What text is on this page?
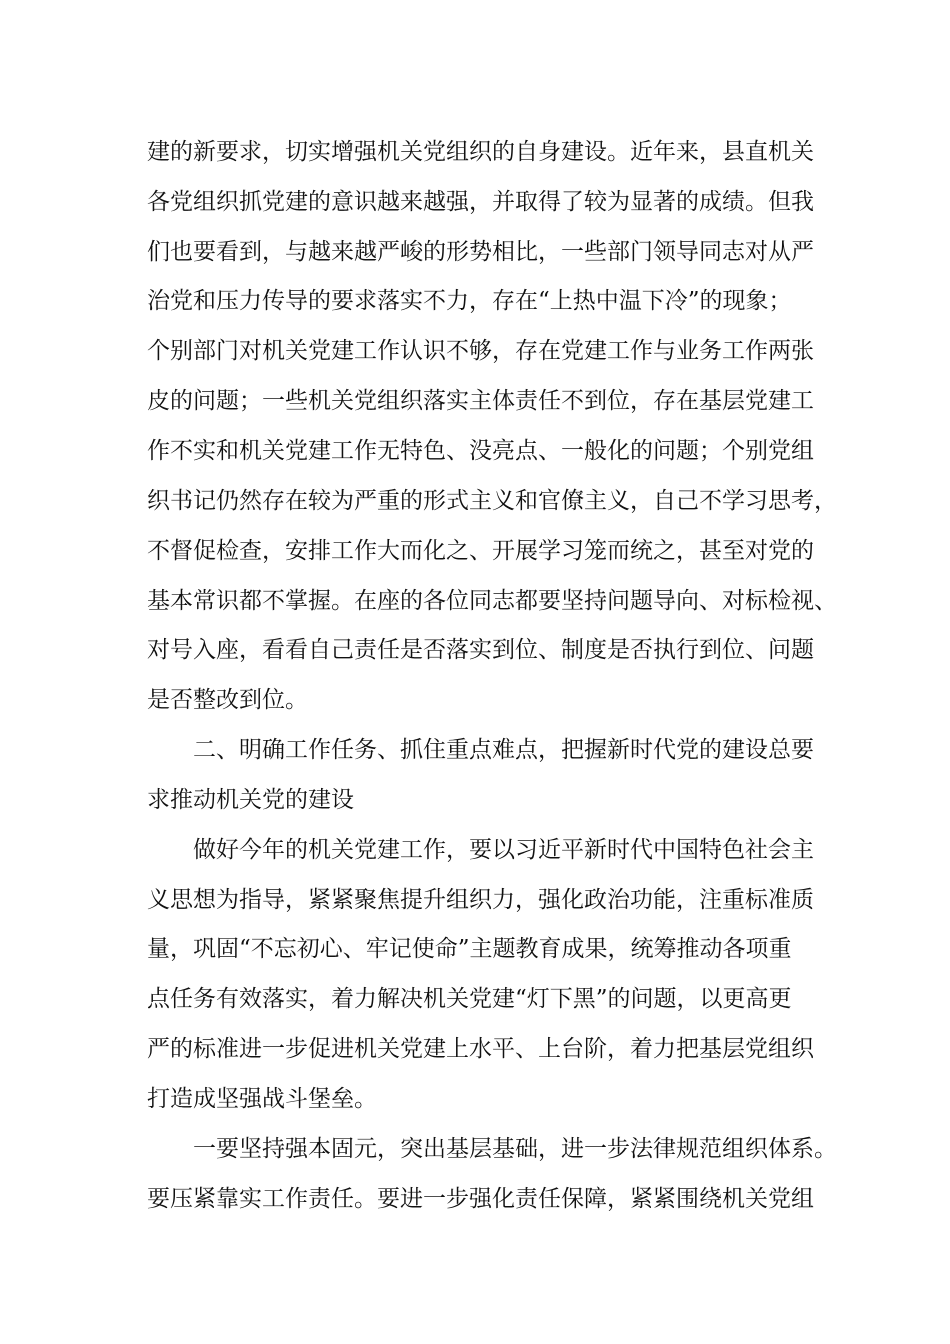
建的新要求，切实增强机关党组织的自身建设。近年来，县直机关
各党组织抓党建的意识越来越强，并取得了较为显著的成绩。但我
们也要看到，与越来越严峻的形势相比，一些部门领导同志对从严
治党和压力传导的要求落实不力，存在“上热中温下冷”的现象；
个别部门对机关党建工作认识不够，存在党建工作与业务工作两张
皮的问题；一些机关党组织落实主体责任不到位，存在基层党建工
作不实和机关党建工作无特色、没亮点、一般化的问题；个别党组
织书记仍然存在较为严重的形式主义和官僚主义，自己不学习思考，
不督促检查，安排工作大而化之、开展学习笼而统之，甚至对党的
基本常识都不掌握。在座的各位同志都要坚持问题导向、对标检视、
对号入座，看看自己责任是否落实到位、制度是否执行到位、问题
是否整改到位。
二、明确工作任务、抓住重点难点，把握新时代党的建设总要
求推动机关党的建设
做好今年的机关党建工作，要以习近平新时代中国特色社会主
义思想为指导，紧紧聚焦提升组织力，强化政治功能，注重标准质
量，巩固“不忘初心、牢记使命”主题教育成果，统筹推动各项重
点任务有效落实，着力解决机关党建“灯下黑”的问题，以更高更
严的标准进一步促进机关党建上水平、上台阶，着力把基层党组织
打造成坚强战斗堡垒。
一要坚持强本固元，突出基层基础，进一步法律规范组织体系。
要压紧靠实工作责任。要进一步强化责任保障，紧紧围绕机关党组
